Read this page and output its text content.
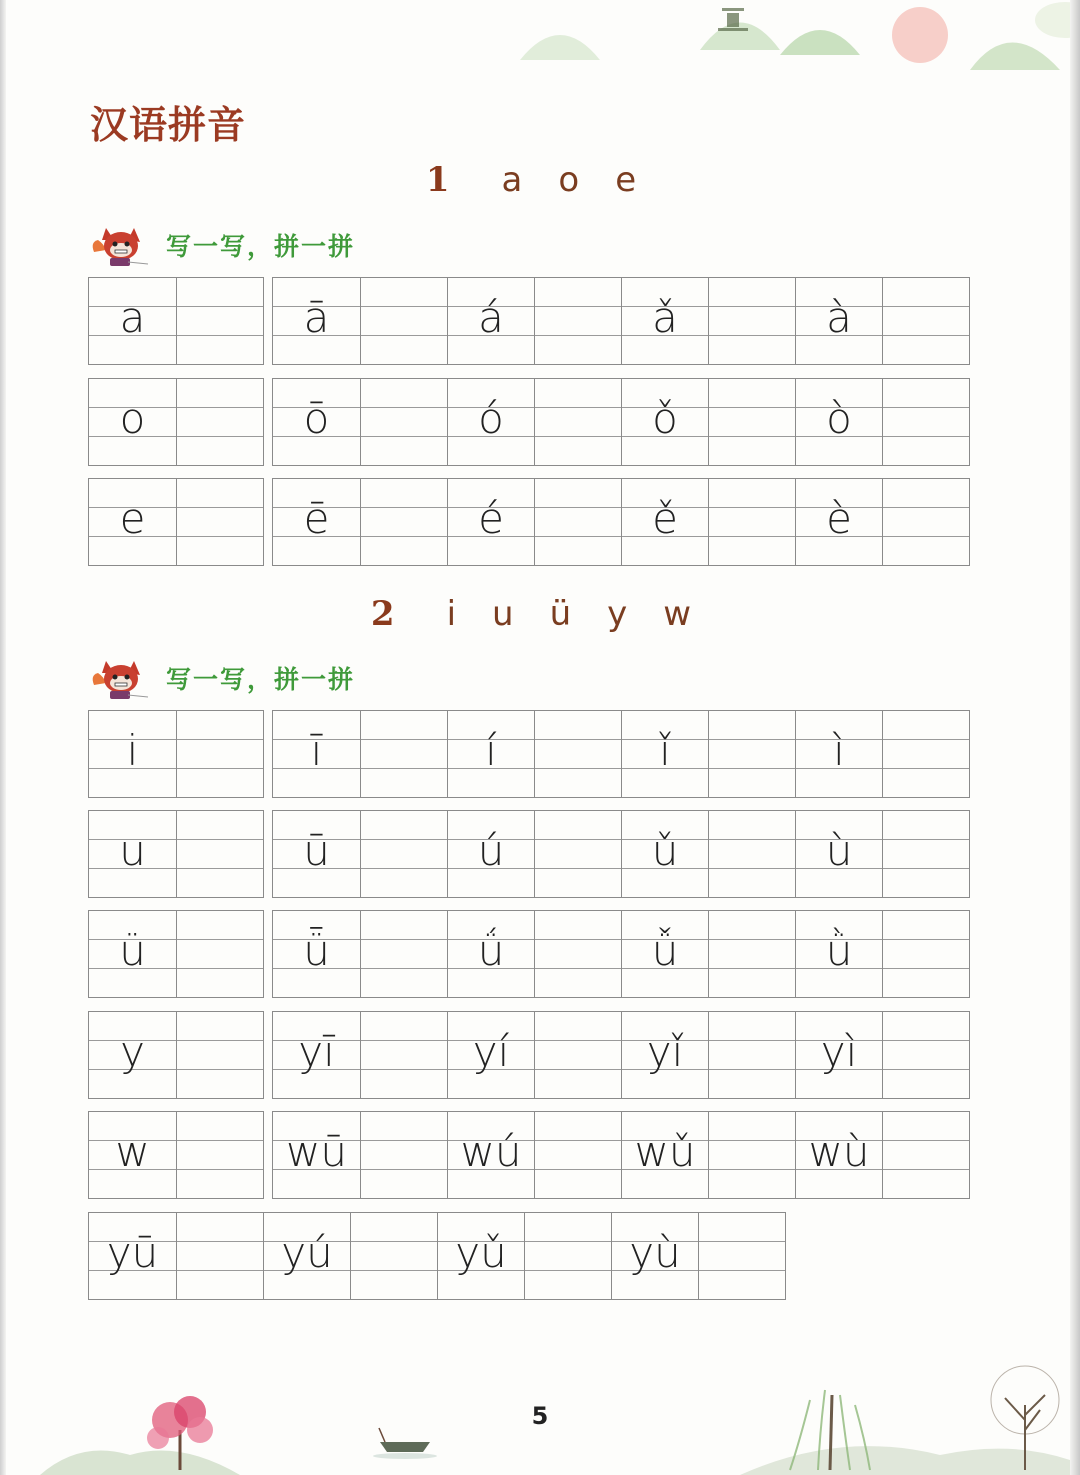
汉语拼音
1 a o e
写一写，拼一拼
a	ā	á	ǎ	à
o	ō	ó	ǒ	ò
e	ē	é	ě	è
2 i u ü y w
写一写，拼一拼
i	ī	í	ǐ	ì
u	ū	ú	ǔ	ù
ü	ǖ	ǘ	ǚ	ǜ
y	yī	yí	yǐ	yì
w	wū	wú	wǔ	wù
yū	yú	yǔ	yù
5
